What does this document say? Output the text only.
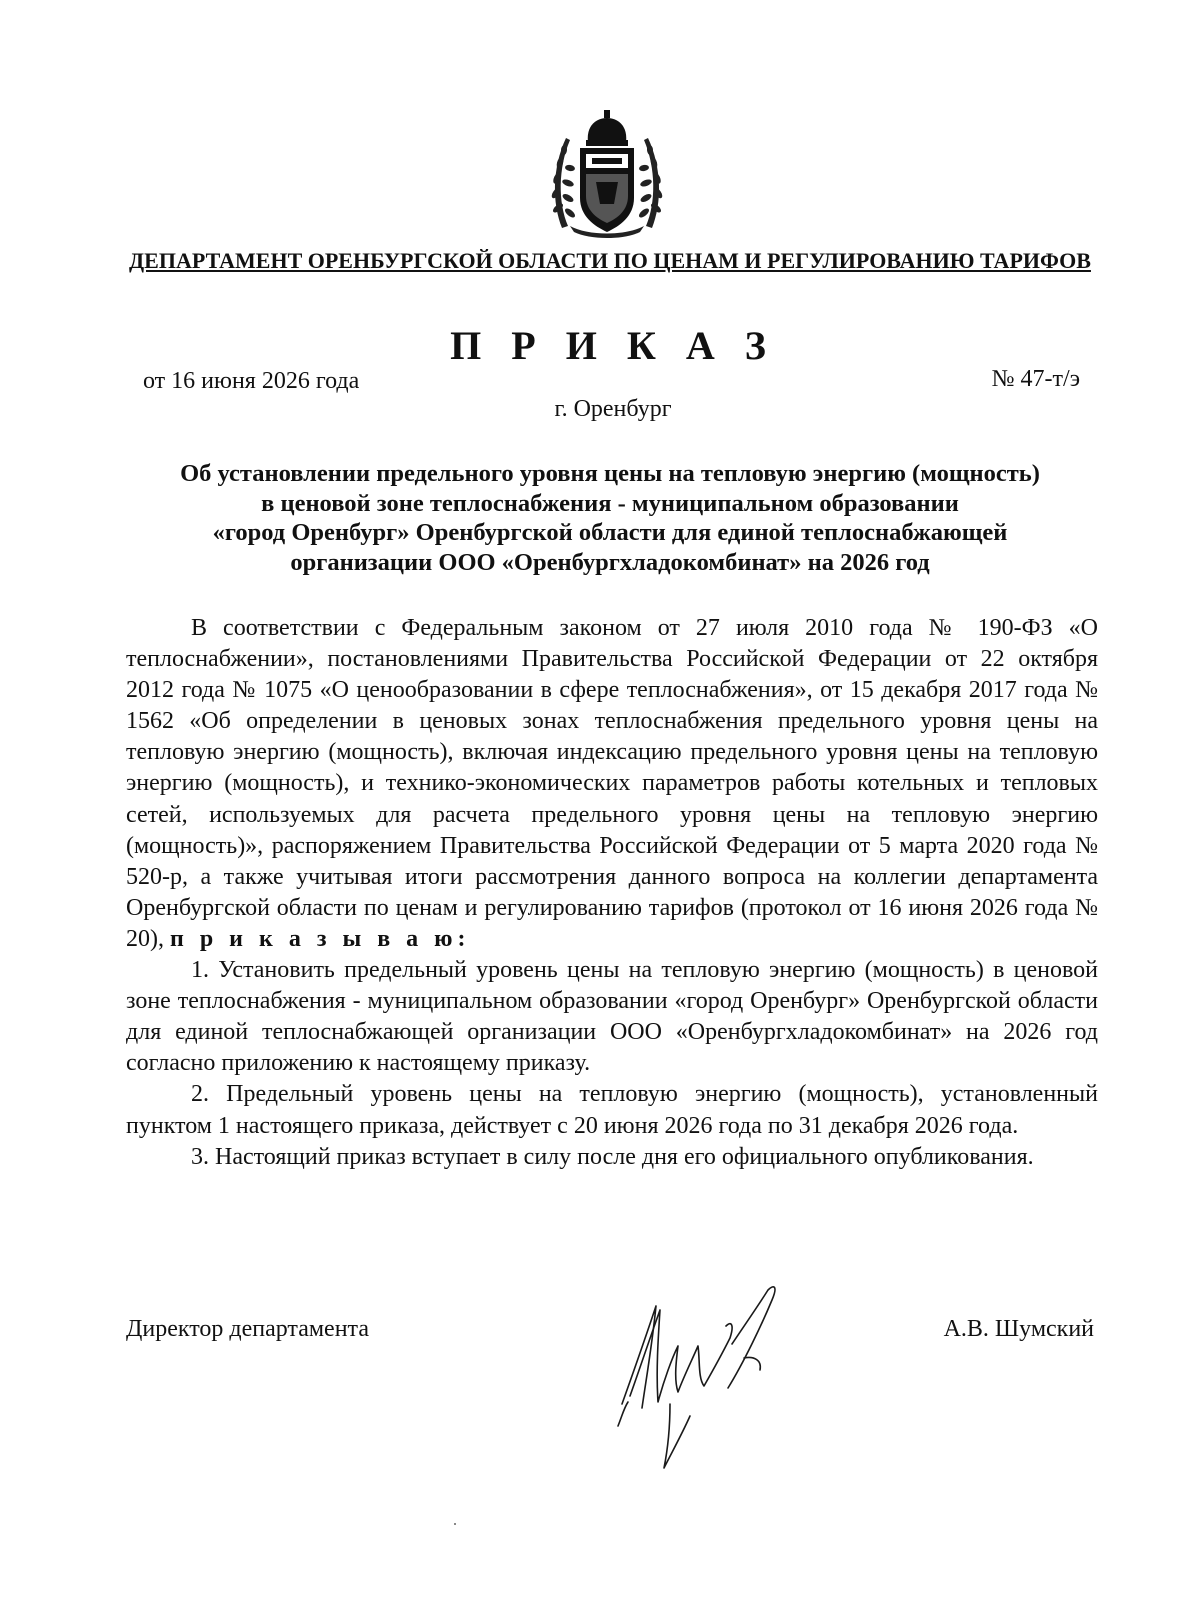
ДЕПАРТАМЕНТ ОРЕНБУРГСКОЙ ОБЛАСТИ ПО ЦЕНАМ И РЕГУЛИРОВАНИЮ ТАРИФОВ
П Р И К А З
от 16 июня 2026 года	№ 47-т/э
г. Оренбург
Об установлении предельного уровня цены на тепловую энергию (мощность)
в ценовой зоне теплоснабжения - муниципальном образовании
«город Оренбург» Оренбургской области для единой теплоснабжающей
организации ООО «Оренбургхладокомбинат» на 2026 год

В соответствии с Федеральным законом от 27 июля 2010 года № 190-ФЗ «О теплоснабжении», постановлениями Правительства Российской Федерации от 22 октября 2012 года № 1075 «О ценообразовании в сфере теплоснабжения», от 15 декабря 2017 года № 1562 «Об определении в ценовых зонах теплоснабжения предельного уровня цены на тепловую энергию (мощность), включая индексацию предельного уровня цены на тепловую энергию (мощность), и технико-экономических параметров работы котельных и тепловых сетей, используемых для расчета предельного уровня цены на тепловую энергию (мощность)», распоряжением Правительства Российской Федерации от 5 марта 2020 года № 520-р, а также учитывая итоги рассмотрения данного вопроса на коллегии департамента Оренбургской области по ценам и регулированию тарифов (протокол от 16 июня 2026 года № 20), п р и к а з ы в а ю:

1. Установить предельный уровень цены на тепловую энергию (мощность) в ценовой зоне теплоснабжения - муниципальном образовании «город Оренбург» Оренбургской области для единой теплоснабжающей организации ООО «Оренбургхладокомбинат» на 2026 год согласно приложению к настоящему приказу.

2. Предельный уровень цены на тепловую энергию (мощность), установленный пунктом 1 настоящего приказа, действует с 20 июня 2026 года по 31 декабря 2026 года.

3. Настоящий приказ вступает в силу после дня его официального опубликования.

Директор департамента	А.В. Шумский
